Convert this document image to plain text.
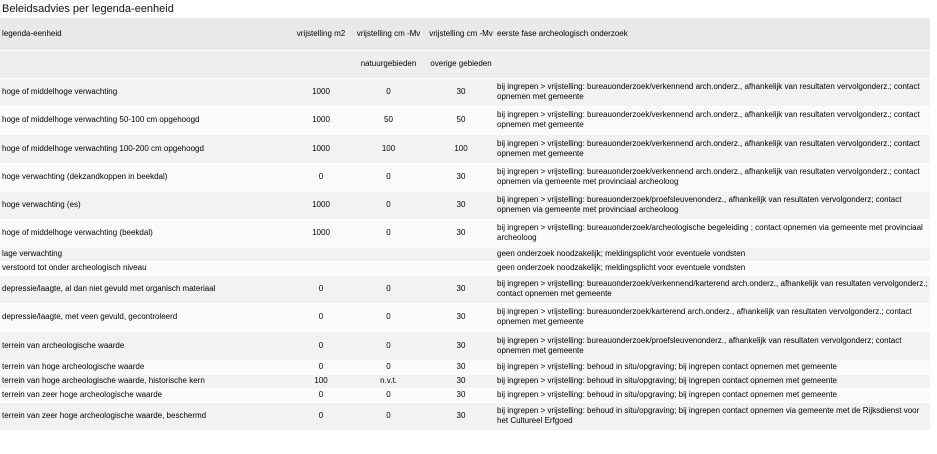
Beleidsadvies per legenda-eenheid
legenda-eenheid	vrijstelling m2	vrijstelling cm -Mv	vrijstelling cm -Mv	eerste fase archeologisch onderzoek
		natuurgebieden	overige gebieden	
hoge of middelhoge verwachting	1000	0	30	bij ingrepen > vrijstelling: bureauonderzoek/verkennend arch.onderz., afhankelijk van resultaten vervolgonderz.; contact opnemen met gemeente
hoge of middelhoge verwachting 50-100 cm opgehoogd	1000	50	50	bij ingrepen > vrijstelling: bureauonderzoek/verkennend arch.onderz., afhankelijk van resultaten vervolgonderz.; contact opnemen met gemeente
hoge of middelhoge verwachting 100-200 cm opgehoogd	1000	100	100	bij ingrepen > vrijstelling: bureauonderzoek/verkennend arch.onderz., afhankelijk van resultaten vervolgonderz.; contact opnemen met gemeente
hoge verwachting (dekzandkoppen in beekdal)	0	0	30	bij ingrepen > vrijstelling: bureauonderzoek/verkennend arch.onderz., afhankelijk van resultaten vervolgonderz.; contact opnemen via gemeente met provinciaal archeoloog
hoge verwachting (es)	1000	0	30	bij ingrepen > vrijstelling: bureauonderzoek/proefsleuvenonderz., afhankelijk van resultaten vervolgonderz; contact opnemen via gemeente met provinciaal archeoloog
hoge of middelhoge verwachting (beekdal)	1000	0	30	bij ingrepen > vrijstelling: bureauonderzoek/archeologische begeleiding ; contact opnemen via gemeente met provinciaal archeoloog
lage verwachting				geen onderzoek noodzakelijk; meldingsplicht voor eventuele vondsten
verstoord tot onder archeologisch niveau				geen onderzoek noodzakelijk; meldingsplicht voor eventuele vondsten
depressie/laagte, al dan niet gevuld met organisch materiaal	0	0	30	bij ingrepen > vrijstelling: bureauonderzoek/verkennend/karterend arch.onderz., afhankelijk van resultaten vervolgonderz.; contact opnemen met gemeente
depressie/laagte, met veen gevuld, gecontroleerd	0	0	30	bij ingrepen > vrijstelling: bureauonderzoek/karterend arch.onderz., afhankelijk van resultaten vervolgonderz.; contact opnemen met gemeente
terrein van archeologische waarde	0	0	30	bij ingrepen > vrijstelling: bureauonderzoek/proefsleuvenonderz., afhankelijk van resultaten vervolgonderz; contact opnemen met gemeente
terrein van hoge archeologische waarde	0	0	30	bij ingrepen > vrijstelling: behoud in situ/opgraving; bij ingrepen contact opnemen met gemeente
terrein van hoge archeologische waarde, historische kern	100	n.v.t.	30	bij ingrepen > vrijstelling: behoud in situ/opgraving; bij ingrepen contact opnemen met gemeente
terrein van zeer hoge archeologische waarde	0	0	30	bij ingrepen > vrijstelling: behoud in situ/opgraving; bij ingrepen contact opnemen met gemeente
terrein van zeer hoge archeologische waarde, beschermd	0	0	30	bij ingrepen > vrijstelling: behoud in situ/opgraving; bij ingrepen contact opnemen via gemeente met de Rijksdienst voor het Cultureel Erfgoed
